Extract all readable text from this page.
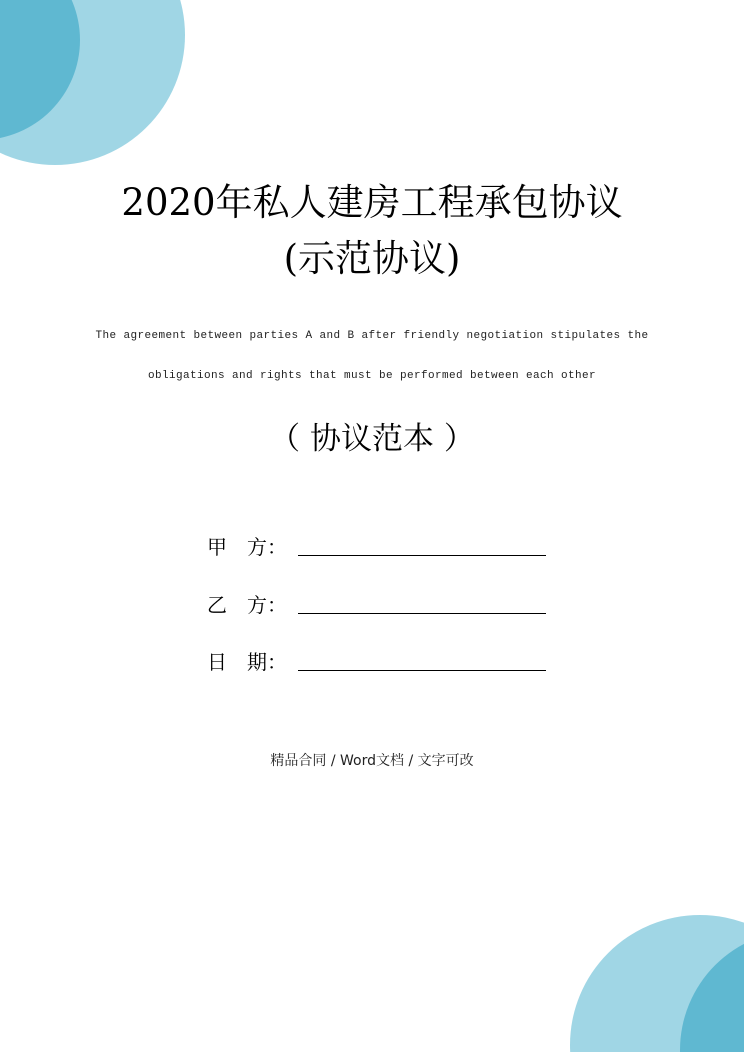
2020年私人建房工程承包协议
(示范协议)
The agreement between parties A and B after friendly negotiation stipulates the
obligations and rights that must be performed between each other
（ 协议范本 ）
甲　方：
乙　方：
日　期：
精品合同 / Word文档 / 文字可改
